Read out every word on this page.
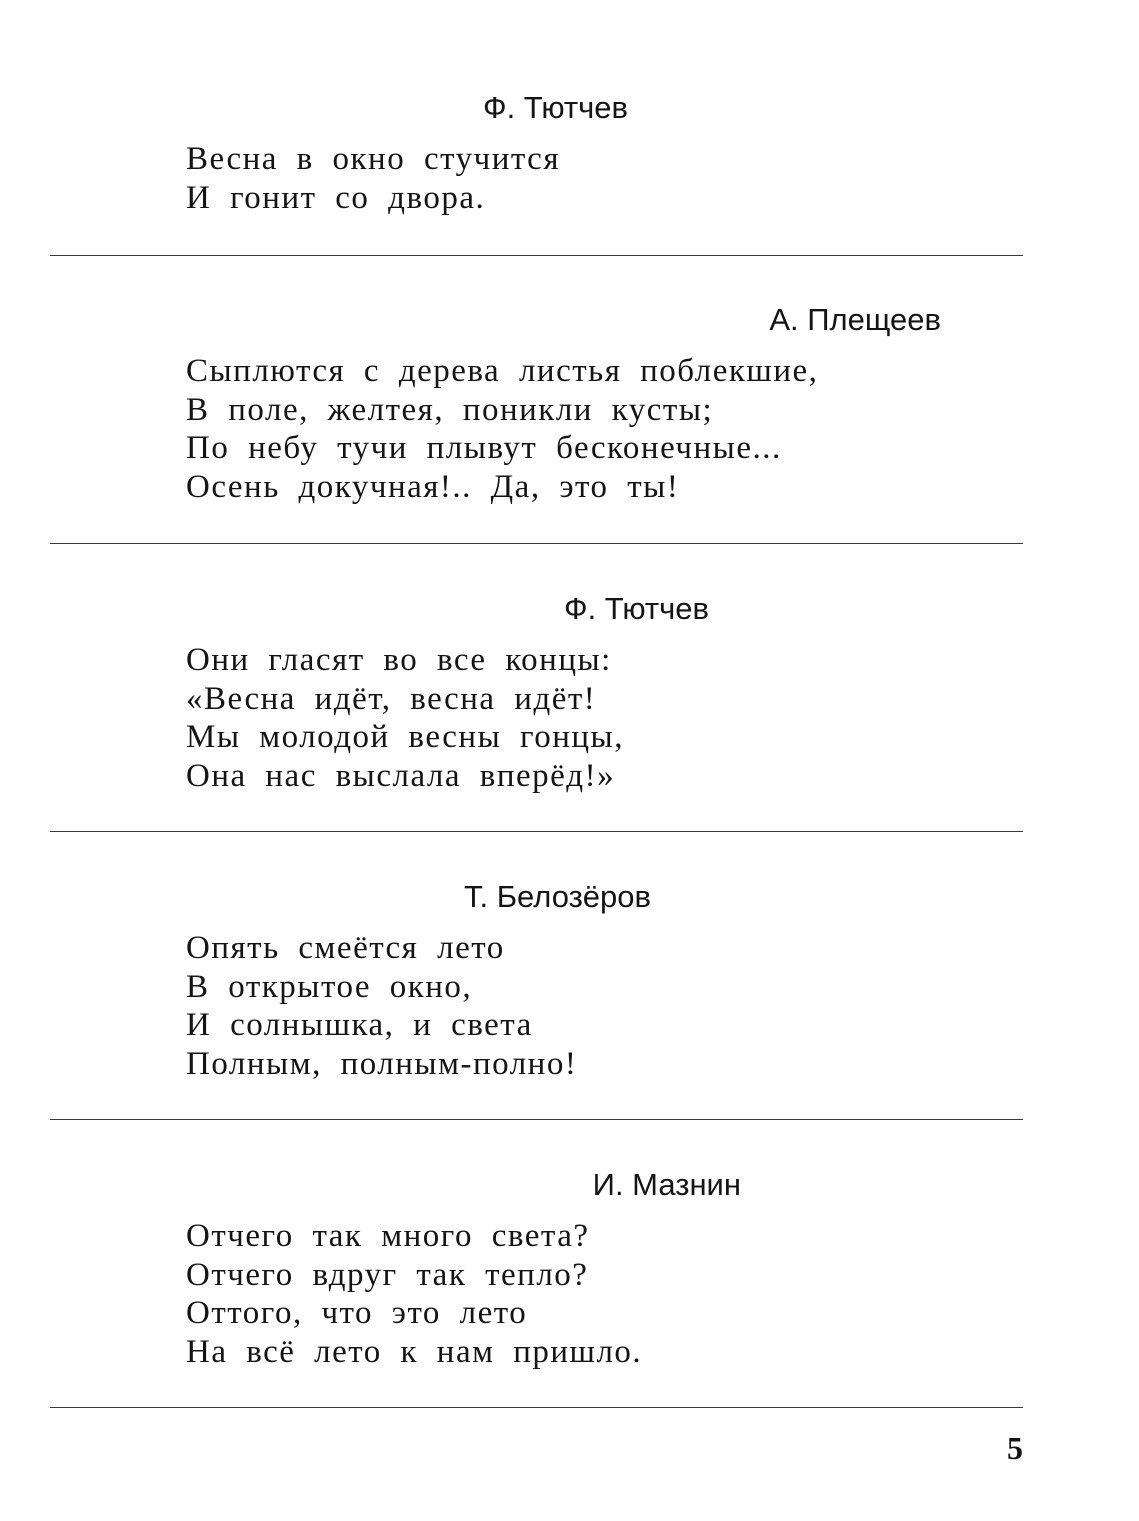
Ф. Тютчев
Весна в окно стучится
И гонит со двора.
А. Плещеев
Сыплются с дерева листья поблекшие,
В поле, желтея, поникли кусты;
По небу тучи плывут бесконечные...
Осень докучная!.. Да, это ты!
Ф. Тютчев
Они гласят во все концы:
«Весна идёт, весна идёт!
Мы молодой весны гонцы,
Она нас выслала вперёд!»
Т. Белозёров
Опять смеётся лето
В открытое окно,
И солнышка, и света
Полным, полным-полно!
И. Мазнин
Отчего так много света?
Отчего вдруг так тепло?
Оттого, что это лето
На всё лето к нам пришло.
5
